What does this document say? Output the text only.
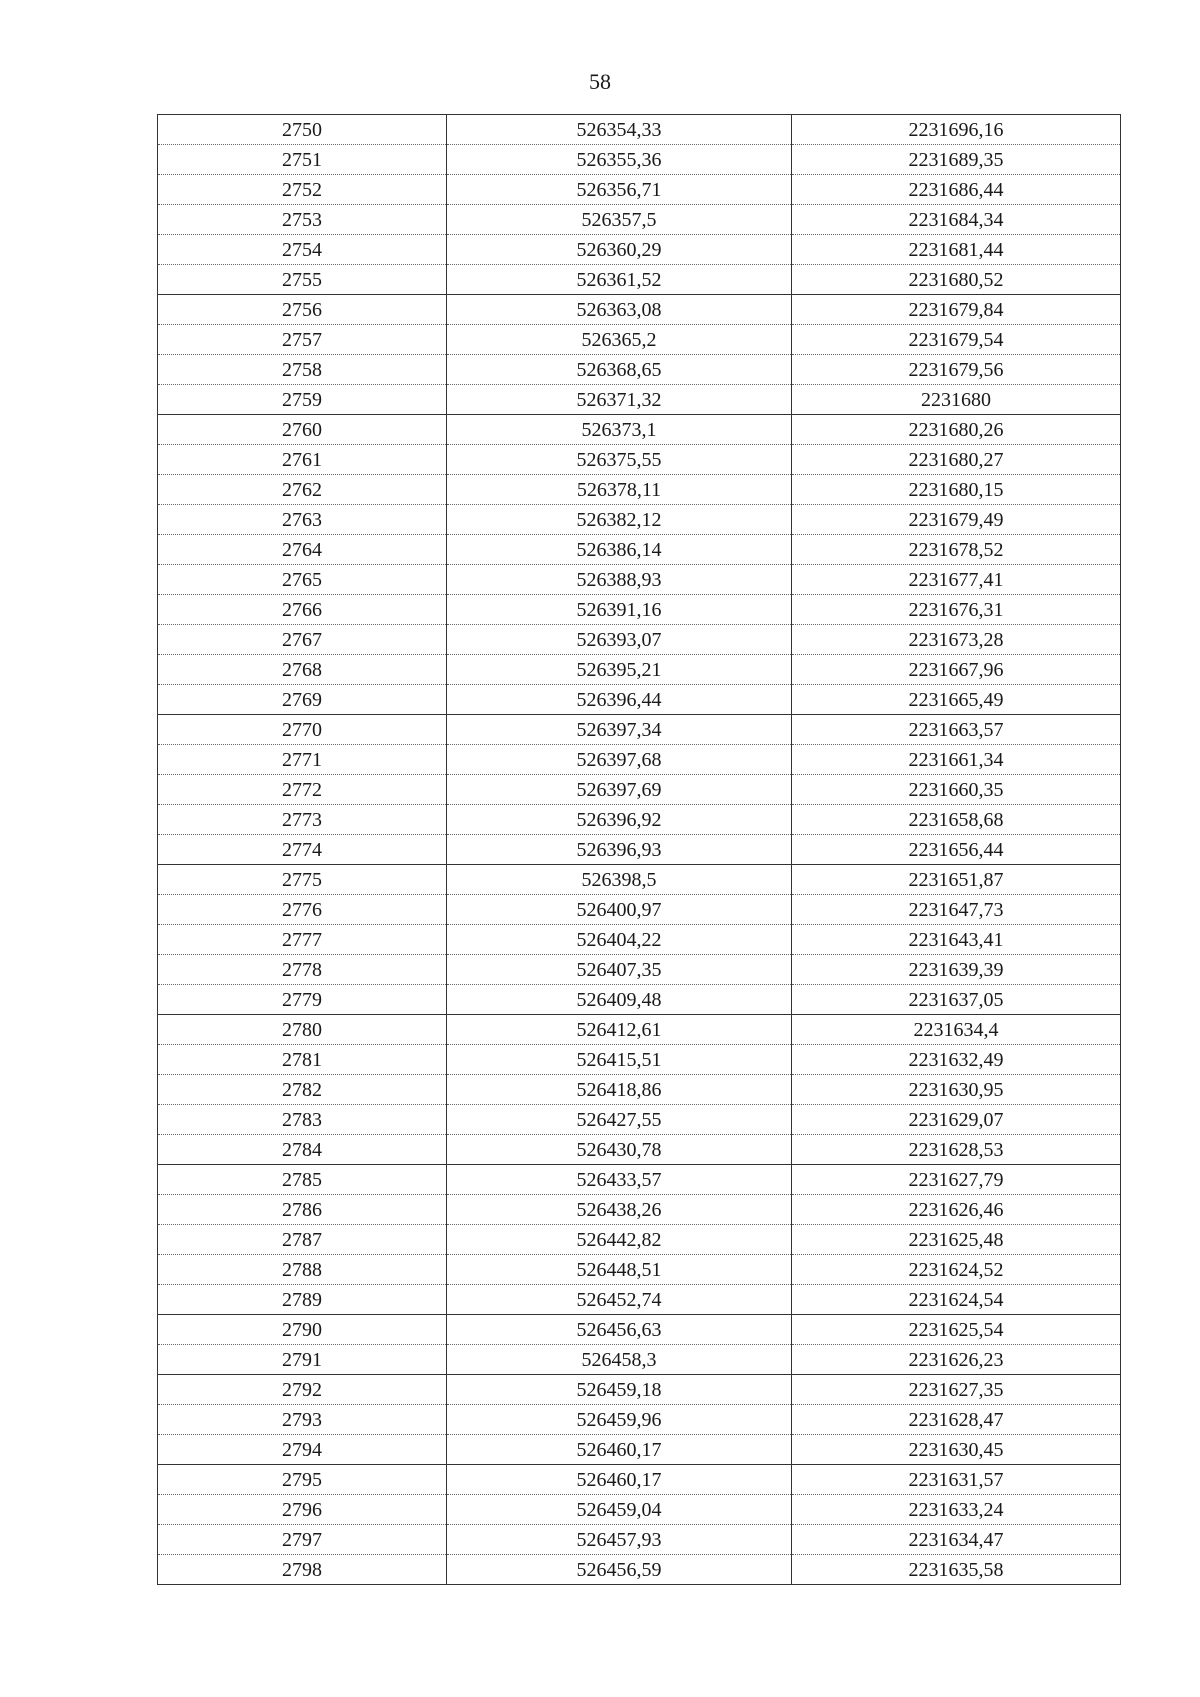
58
2750	526354,33	2231696,16
2751	526355,36	2231689,35
2752	526356,71	2231686,44
2753	526357,5	2231684,34
2754	526360,29	2231681,44
2755	526361,52	2231680,52
2756	526363,08	2231679,84
2757	526365,2	2231679,54
2758	526368,65	2231679,56
2759	526371,32	2231680
2760	526373,1	2231680,26
2761	526375,55	2231680,27
2762	526378,11	2231680,15
2763	526382,12	2231679,49
2764	526386,14	2231678,52
2765	526388,93	2231677,41
2766	526391,16	2231676,31
2767	526393,07	2231673,28
2768	526395,21	2231667,96
2769	526396,44	2231665,49
2770	526397,34	2231663,57
2771	526397,68	2231661,34
2772	526397,69	2231660,35
2773	526396,92	2231658,68
2774	526396,93	2231656,44
2775	526398,5	2231651,87
2776	526400,97	2231647,73
2777	526404,22	2231643,41
2778	526407,35	2231639,39
2779	526409,48	2231637,05
2780	526412,61	2231634,4
2781	526415,51	2231632,49
2782	526418,86	2231630,95
2783	526427,55	2231629,07
2784	526430,78	2231628,53
2785	526433,57	2231627,79
2786	526438,26	2231626,46
2787	526442,82	2231625,48
2788	526448,51	2231624,52
2789	526452,74	2231624,54
2790	526456,63	2231625,54
2791	526458,3	2231626,23
2792	526459,18	2231627,35
2793	526459,96	2231628,47
2794	526460,17	2231630,45
2795	526460,17	2231631,57
2796	526459,04	2231633,24
2797	526457,93	2231634,47
2798	526456,59	2231635,58
